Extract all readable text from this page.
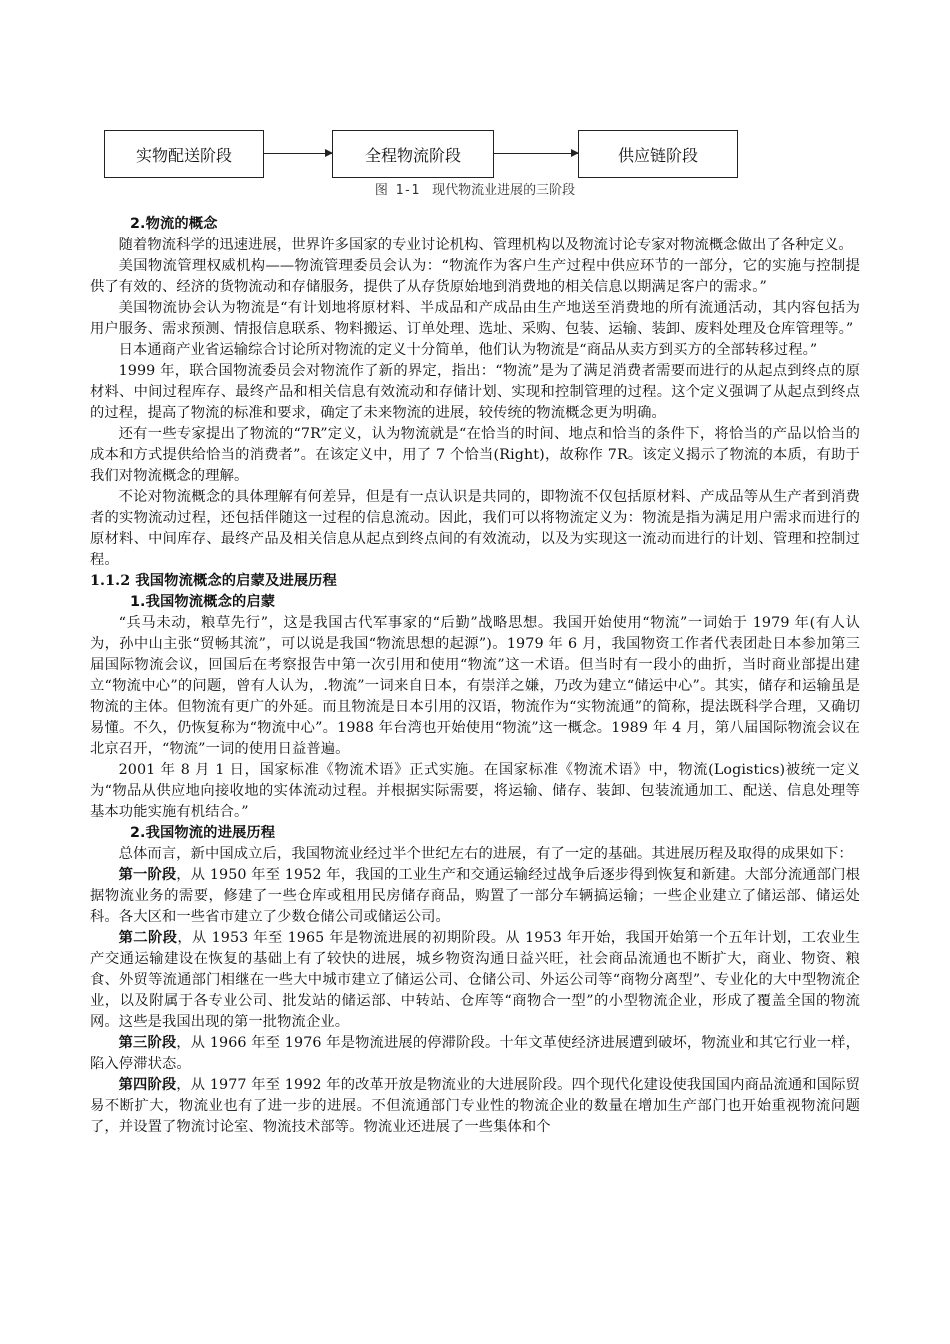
实物配送阶段	全程物流阶段	供应链阶段
图 1-1　现代物流业进展的三阶段

2.物流的概念

随着物流科学的迅速进展，世界许多国家的专业讨论机构、管理机构以及物流讨论专家对物流概念做出了各种定义。

美国物流管理权威机构——物流管理委员会认为：“物流作为客户生产过程中供应环节的一部分，它的实施与控制提供了有效的、经济的货物流动和存储服务，提供了从存货原始地到消费地的相关信息以期满足客户的需求。”

美国物流协会认为物流是“有计划地将原材料、半成品和产成品由生产地送至消费地的所有流通活动，其内容包括为用户服务、需求预测、情报信息联系、物料搬运、订单处理、选址、采购、包装、运输、装卸、废料处理及仓库管理等。”

日本通商产业省运输综合讨论所对物流的定义十分简单，他们认为物流是“商品从卖方到买方的全部转移过程。”

1999 年，联合国物流委员会对物流作了新的界定，指出：“物流”是为了满足消费者需要而进行的从起点到终点的原材料、中间过程库存、最终产品和相关信息有效流动和存储计划、实现和控制管理的过程。这个定义强调了从起点到终点的过程，提高了物流的标准和要求，确定了未来物流的进展，较传统的物流概念更为明确。

还有一些专家提出了物流的“7R”定义，认为物流就是“在恰当的时间、地点和恰当的条件下，将恰当的产品以恰当的成本和方式提供给恰当的消费者”。在该定义中，用了 7 个恰当(Right)，故称作 7R。该定义揭示了物流的本质，有助于我们对物流概念的理解。

不论对物流概念的具体理解有何差异，但是有一点认识是共同的，即物流不仅包括原材料、产成品等从生产者到消费者的实物流动过程，还包括伴随这一过程的信息流动。因此，我们可以将物流定义为：物流是指为满足用户需求而进行的原材料、中间库存、最终产品及相关信息从起点到终点间的有效流动，以及为实现这一流动而进行的计划、管理和控制过程。

1.1.2 我国物流概念的启蒙及进展历程

1.我国物流概念的启蒙

“兵马未动，粮草先行”，这是我国古代军事家的“后勤”战略思想。我国开始使用“物流”一词始于 1979 年(有人认为，孙中山主张“贸畅其流”，可以说是我国“物流思想的起源”)。1979 年 6 月，我国物资工作者代表团赴日本参加第三届国际物流会议，回国后在考察报告中第一次引用和使用“物流”这一术语。但当时有一段小的曲折，当时商业部提出建立“物流中心”的问题，曾有人认为，.物流”一词来自日本，有崇洋之嫌，乃改为建立“储运中心”。其实，储存和运输虽是物流的主体。但物流有更广的外延。而且物流是日本引用的汉语，物流作为“实物流通”的简称，提法既科学合理，又确切易懂。不久，仍恢复称为“物流中心”。1988 年台湾也开始使用“物流”这一概念。1989 年 4 月，第八届国际物流会议在北京召开，“物流”一词的使用日益普遍。

2001 年 8 月 1 日，国家标准《物流术语》正式实施。在国家标准《物流术语》中，物流(Logistics)被统一定义为“物品从供应地向接收地的实体流动过程。并根据实际需要，将运输、储存、装卸、包装流通加工、配送、信息处理等基本功能实施有机结合。”

2.我国物流的进展历程

总体而言，新中国成立后，我国物流业经过半个世纪左右的进展，有了一定的基础。其进展历程及取得的成果如下：

第一阶段，从 1950 年至 1952 年，我国的工业生产和交通运输经过战争后逐步得到恢复和新建。大部分流通部门根据物流业务的需要，修建了一些仓库或租用民房储存商品，购置了一部分车辆搞运输；一些企业建立了储运部、储运处科。各大区和一些省市建立了少数仓储公司或储运公司。

第二阶段，从 1953 年至 1965 年是物流进展的初期阶段。从 1953 年开始，我国开始第一个五年计划，工农业生产交通运输建设在恢复的基础上有了较快的进展，城乡物资沟通日益兴旺，社会商品流通也不断扩大，商业、物资、粮食、外贸等流通部门相继在一些大中城市建立了储运公司、仓储公司、外运公司等“商物分离型”、专业化的大中型物流企业，以及附属于各专业公司、批发站的储运部、中转站、仓库等“商物合一型”的小型物流企业，形成了覆盖全国的物流网。这些是我国出现的第一批物流企业。

第三阶段，从 1966 年至 1976 年是物流进展的停滞阶段。十年文革使经济进展遭到破坏，物流业和其它行业一样，陷入停滞状态。

第四阶段，从 1977 年至 1992 年的改革开放是物流业的大进展阶段。四个现代化建设使我国国内商品流通和国际贸易不断扩大，物流业也有了进一步的进展。不但流通部门专业性的物流企业的数量在增加生产部门也开始重视物流问题了，并设置了物流讨论室、物流技术部等。物流业还进展了一些集体和个
